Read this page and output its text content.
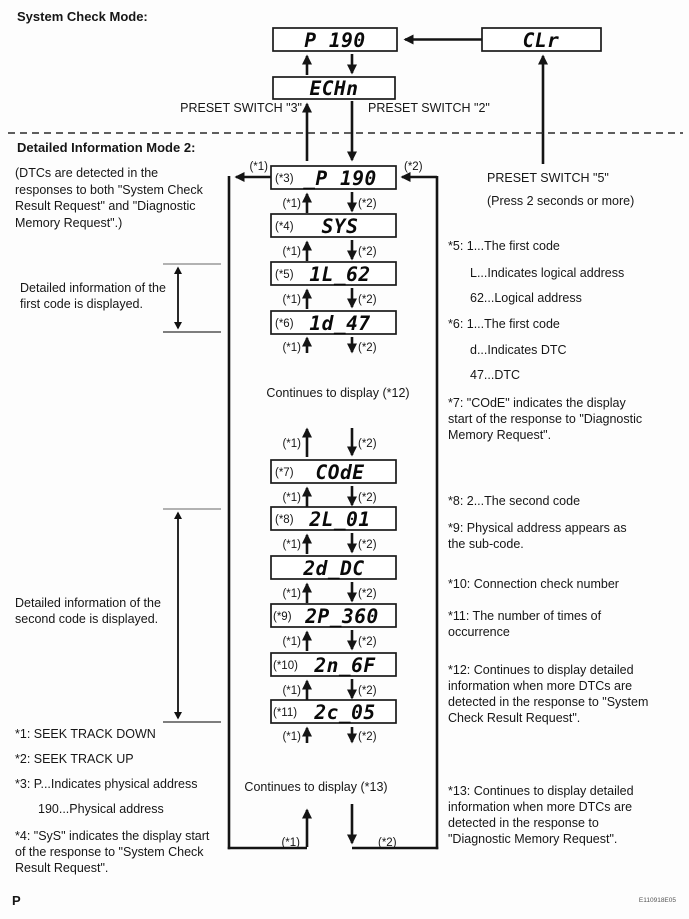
System Check Mode:
P 190	CLr
ECHn
PRESET SWITCH "3"	PRESET SWITCH "2"
Detailed Information Mode 2:
(DTCs are detected in the
responses to both "System Check
Result Request" and "Diagnostic
Memory Request".)
PRESET SWITCH "5"
(Press 2 seconds or more)
(*1)	(*2)
(*1)	(*2)
(*3) _P 190
(*4) SYS
(*5) 1L_62
(*6) 1d_47
(*7) COdE
(*8) 2L_01
2d_DC
(*9) 2P_360
(*10) 2n_6F
(*11) 2c_05
(*1)	(*2)
(*1)	(*2)
(*1)	(*2)
(*1)	(*2)
(*1)	(*2)
(*1)	(*2)
(*1)	(*2)
(*1)	(*2)
(*1)	(*2)
(*1)	(*2)
(*1)	(*2)
Continues to display (*12)
Continues to display (*13)
Detailed information of the
first code is displayed.
Detailed information of the
second code is displayed.
*1: SEEK TRACK DOWN
*2: SEEK TRACK UP
*3: P...Indicates physical address
190...Physical address
*4: "SyS" indicates the display start
of the response to "System Check
Result Request".
*5: 1...The first code
L...Indicates logical address
62...Logical address
*6: 1...The first code
d...Indicates DTC
47...DTC
*7: "COdE" indicates the display
start of the response to "Diagnostic
Memory Request".
*8: 2...The second code
*9: Physical address appears as
the sub-code.
*10: Connection check number
*11: The number of times of
occurrence
*12: Continues to display detailed
information when more DTCs are
detected in the response to "System
Check Result Request".
*13: Continues to display detailed
information when more DTCs are
detected in the response to
"Diagnostic Memory Request".
P	E110918E05
